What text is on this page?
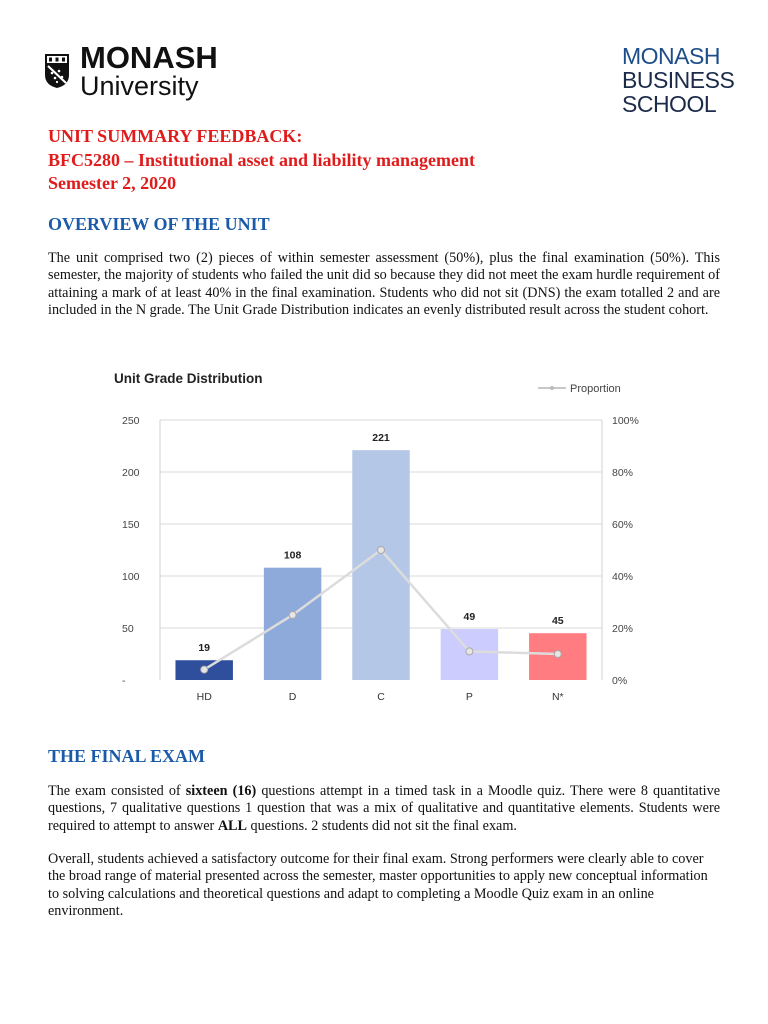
MONASH
University
MONASH
BUSINESS
SCHOOL
UNIT SUMMARY FEEDBACK:
BFC5280 – Institutional asset and liability management
Semester 2, 2020
OVERVIEW OF THE UNIT
The unit comprised two (2) pieces of within semester assessment (50%), plus the final examination (50%). This semester, the majority of students who failed the unit did so because they did not meet the exam hurdle requirement of attaining a mark of at least 40% in the final examination. Students who did not sit (DNS) the exam totalled 2 and are included in the N grade. The Unit Grade Distribution indicates an evenly distributed result across the student cohort.
Unit Grade Distribution
Proportion
-	0%
50	20%
100	40%
150	60%
200	80%
250	100%
19
HD
108
D
221
C
49
P
45
N*
THE FINAL EXAM
The exam consisted of sixteen (16) questions attempt in a timed task in a Moodle quiz. There were 8 quantitative questions, 7 qualitative questions 1 question that was a mix of qualitative and quantitative elements. Students were required to attempt to answer ALL questions. 2 students did not sit the final exam.
Overall, students achieved a satisfactory outcome for their final exam. Strong performers were clearly able to cover the broad range of material presented across the semester, master opportunities to apply new conceptual information to solving calculations and theoretical questions and adapt to completing a Moodle Quiz exam in an online environment.
